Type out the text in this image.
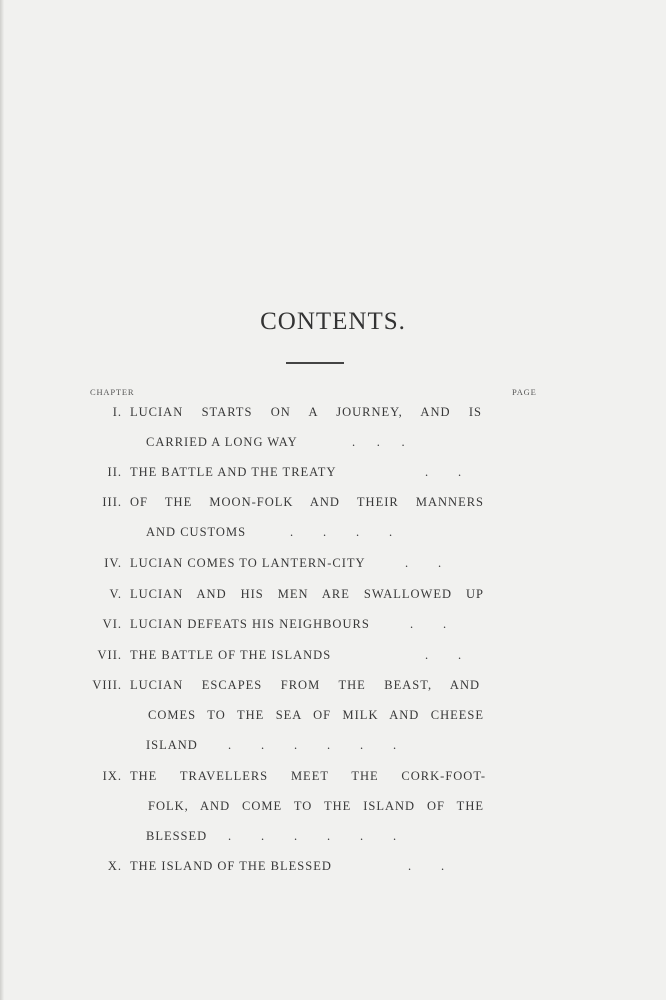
CONTENTS.
CHAPTER	PAGE
I. LUCIAN STARTS ON A JOURNEY, AND IS
CARRIED A LONG WAY	.     .     .
II. THE BATTLE AND THE TREATY	.       .
III. OF THE MOON-FOLK AND THEIR MANNERS
AND CUSTOMS	.       .       .       .
IV. LUCIAN COMES TO LANTERN-CITY	.       .
V. LUCIAN AND HIS MEN ARE SWALLOWED UP
VI. LUCIAN DEFEATS HIS NEIGHBOURS	.       .
VII. THE BATTLE OF THE ISLANDS	.       .
VIII. LUCIAN ESCAPES FROM THE BEAST, AND
COMES TO THE SEA OF MILK AND CHEESE
ISLAND .       .       .       .       .       .
IX. THE TRAVELLERS MEET THE CORK-FOOT-
FOLK, AND COME TO THE ISLAND OF THE
BLESSED .       .       .       .       .       .
X. THE ISLAND OF THE BLESSED	.       .
